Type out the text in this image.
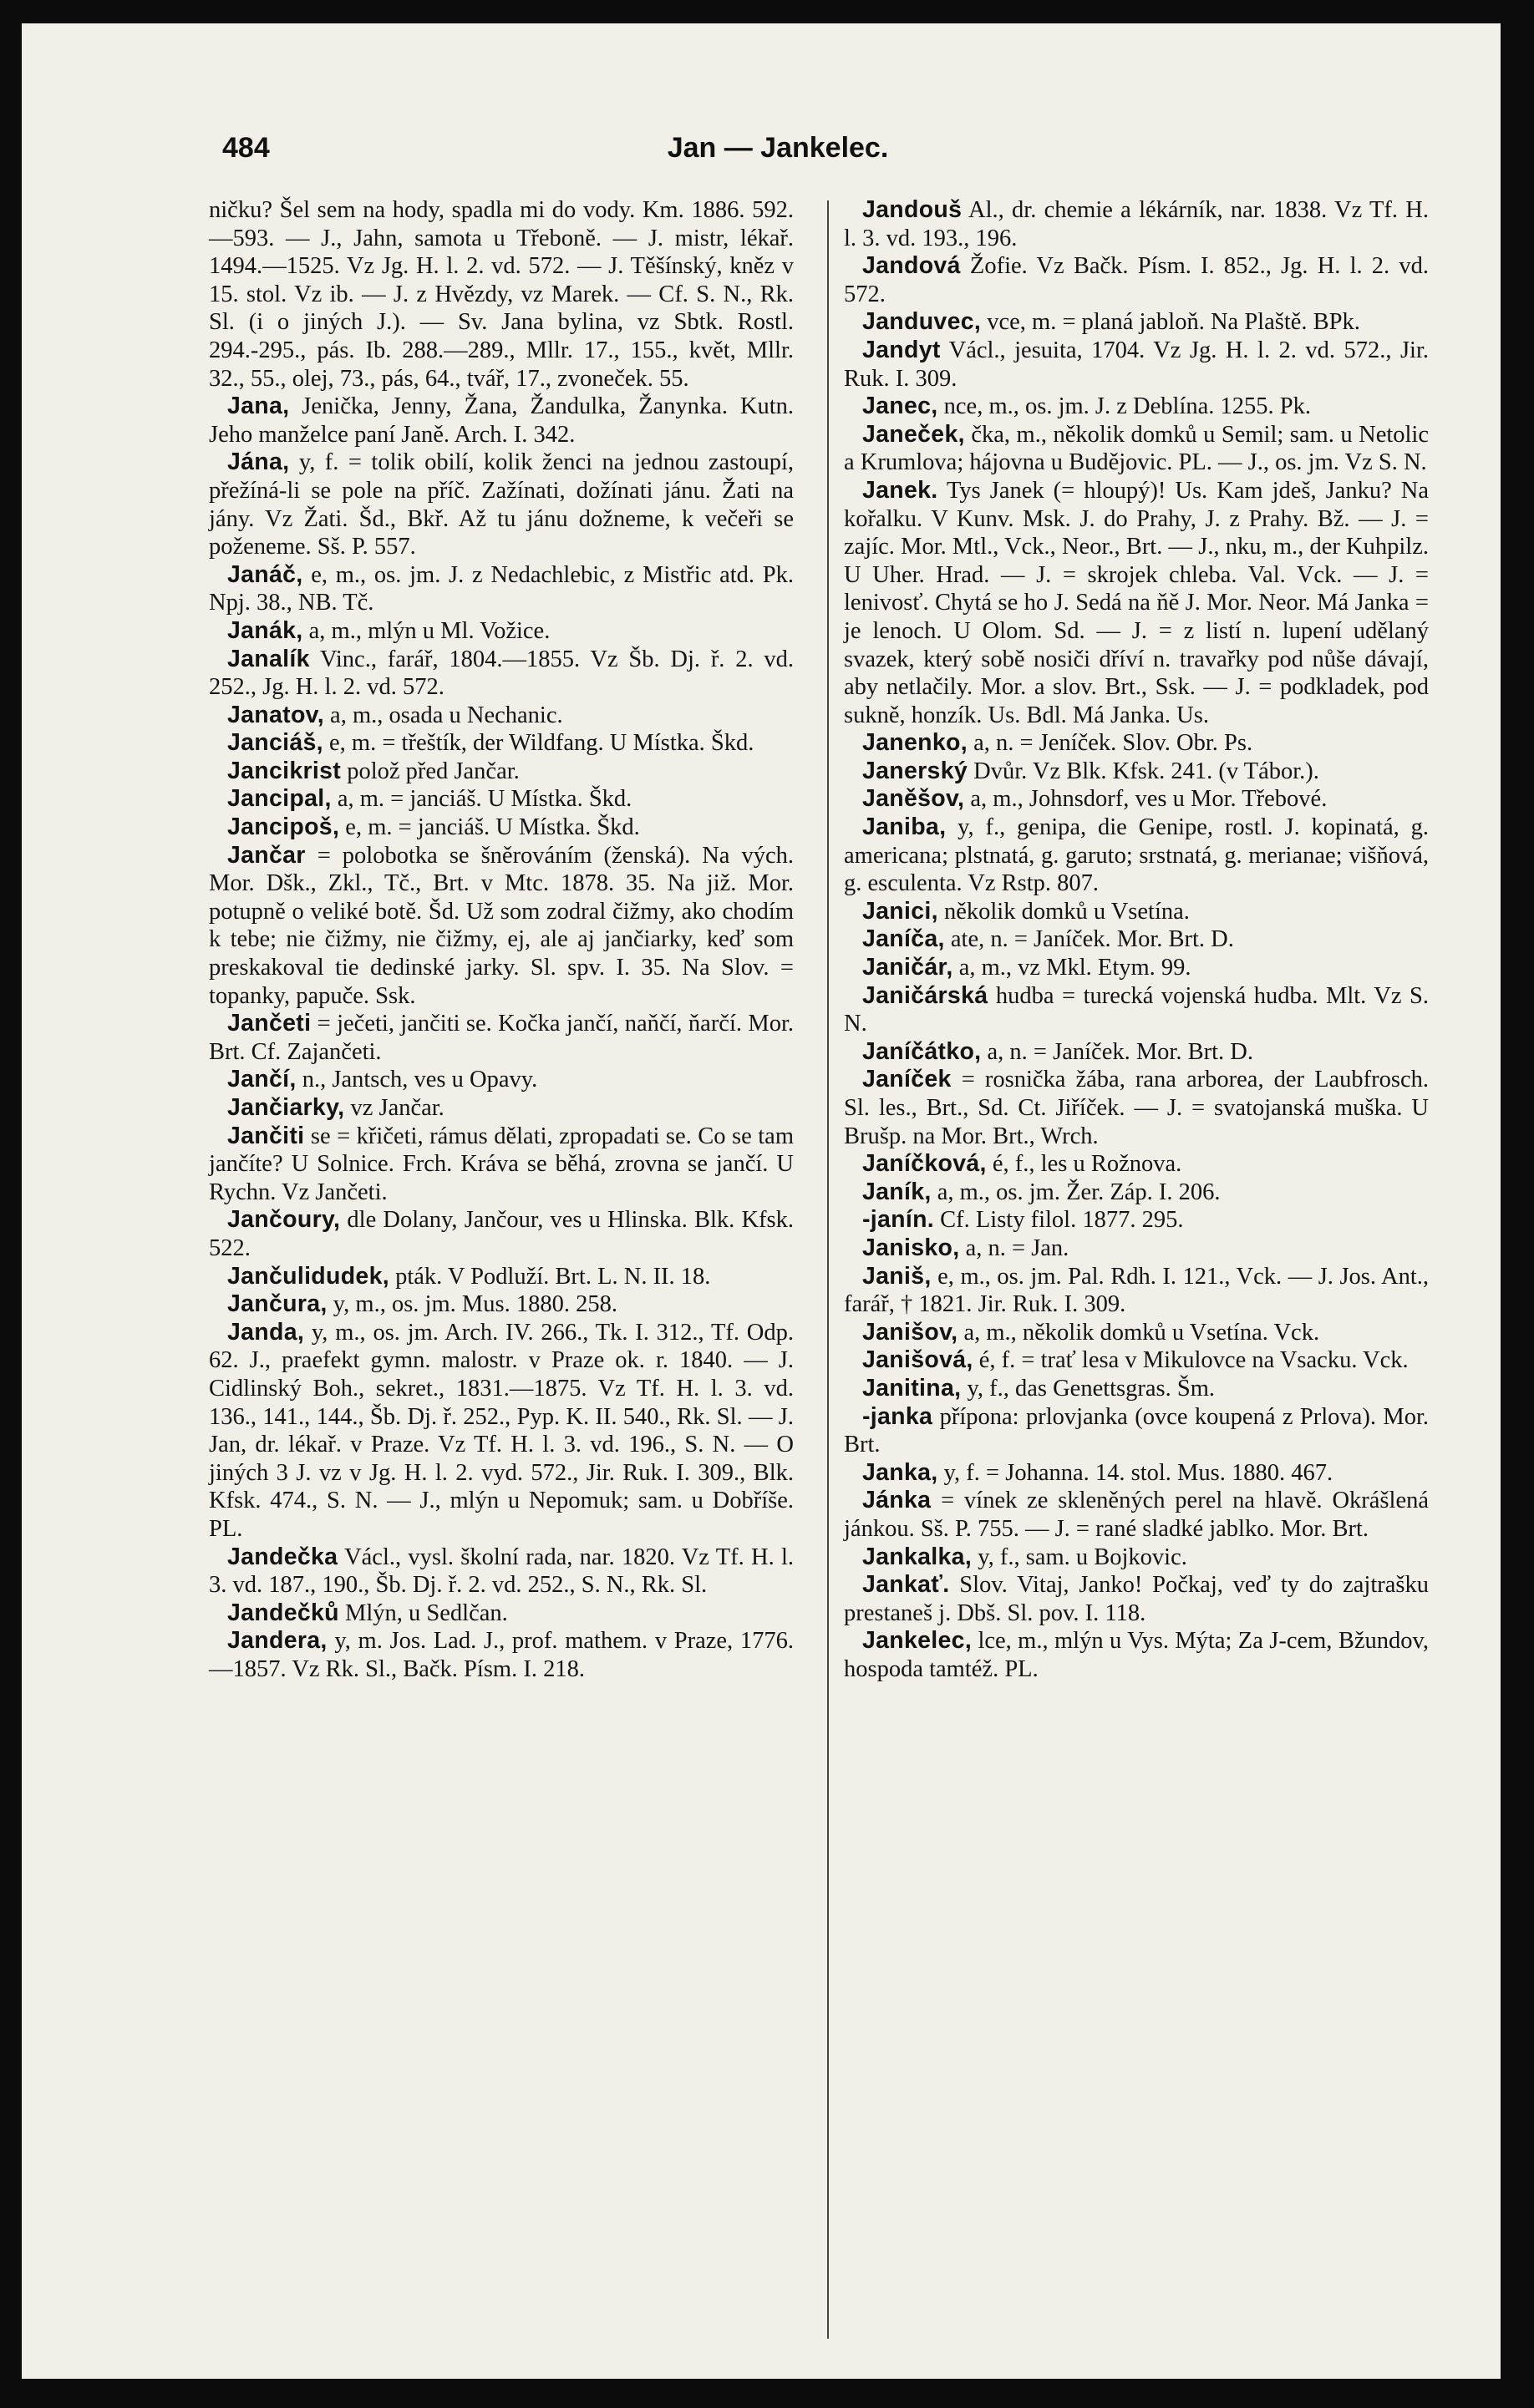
484	Jan — Jankelec.

ničku? Šel sem na hody, spadla mi do vody. Km. 1886. 592.—593. — J., Jahn, samota u Třeboně. — J. mistr, lékař. 1494.—1525. Vz Jg. H. l. 2. vd. 572. — J. Těšínský, kněz v 15. stol. Vz ib. — J. z Hvězdy, vz Marek. — Cf. S. N., Rk. Sl. (i o jiných J.). — Sv. Jana bylina, vz Sbtk. Rostl. 294.-295., pás. Ib. 288.—289., Mllr. 17., 155., květ, Mllr. 32., 55., olej, 73., pás, 64., tvář, 17., zvoneček. 55.

Jana, Jenička, Jenny, Žana, Žandulka, Žanynka. Kutn. Jeho manželce paní Janě. Arch. I. 342.

Jána, y, f. = tolik obilí, kolik ženci na jednou zastoupí, přežíná-li se pole na příč. Zažínati, dožínati jánu. Žati na jány. Vz Žati. Šd., Bkř. Až tu jánu dožneme, k večeři se poženeme. Sš. P. 557.

Janáč, e, m., os. jm. J. z Nedachlebic, z Mistřic atd. Pk. Npj. 38., NB. Tč.

Janák, a, m., mlýn u Ml. Vožice.

Janalík Vinc., farář, 1804.—1855. Vz Šb. Dj. ř. 2. vd. 252., Jg. H. l. 2. vd. 572.

Janatov, a, m., osada u Nechanic.

Janciáš, e, m. = třeštík, der Wildfang. U Místka. Škd.

Jancikrist polož před Jančar.

Jancipal, a, m. = janciáš. U Místka. Škd.

Jancipoš, e, m. = janciáš. U Místka. Škd.

Jančar = polobotka se šněrováním (ženská). Na vých. Mor. Dšk., Zkl., Tč., Brt. v Mtc. 1878. 35. Na již. Mor. potupně o veliké botě. Šd. Už som zodral čižmy, ako chodím k tebe; nie čižmy, nie čižmy, ej, ale aj jančiarky, keď som preskakoval tie dedinské jarky. Sl. spv. I. 35. Na Slov. = topanky, papuče. Ssk.

Jančeti = ječeti, jančiti se. Kočka jančí, naňčí, ňarčí. Mor. Brt. Cf. Zajančeti.

Jančí, n., Jantsch, ves u Opavy.

Jančiarky, vz Jančar.

Jančiti se = křičeti, rámus dělati, zpropadati se. Co se tam jančíte? U Solnice. Frch. Kráva se běhá, zrovna se jančí. U Rychn. Vz Jančeti.

Jančoury, dle Dolany, Jančour, ves u Hlinska. Blk. Kfsk. 522.

Jančulidudek, pták. V Podluží. Brt. L. N. II. 18.

Jančura, y, m., os. jm. Mus. 1880. 258.

Janda, y, m., os. jm. Arch. IV. 266., Tk. I. 312., Tf. Odp. 62. J., praefekt gymn. malostr. v Praze ok. r. 1840. — J. Cidlinský Boh., sekret., 1831.—1875. Vz Tf. H. l. 3. vd. 136., 141., 144., Šb. Dj. ř. 252., Pyp. K. II. 540., Rk. Sl. — J. Jan, dr. lékař. v Praze. Vz Tf. H. l. 3. vd. 196., S. N. — O jiných 3 J. vz v Jg. H. l. 2. vyd. 572., Jir. Ruk. I. 309., Blk. Kfsk. 474., S. N. — J., mlýn u Nepomuk; sam. u Dobříše. PL.

Jandečka Václ., vysl. školní rada, nar. 1820. Vz Tf. H. l. 3. vd. 187., 190., Šb. Dj. ř. 2. vd. 252., S. N., Rk. Sl.

Jandečků Mlýn, u Sedlčan.

Jandera, y, m. Jos. Lad. J., prof. mathem. v Praze, 1776.—1857. Vz Rk. Sl., Bačk. Písm. I. 218.

Jandouš Al., dr. chemie a lékárník, nar. 1838. Vz Tf. H. l. 3. vd. 193., 196.

Jandová Žofie. Vz Bačk. Písm. I. 852., Jg. H. l. 2. vd. 572.

Janduvec, vce, m. = planá jabloň. Na Plaště. BPk.

Jandyt Václ., jesuita, 1704. Vz Jg. H. l. 2. vd. 572., Jir. Ruk. I. 309.

Janec, nce, m., os. jm. J. z Deblína. 1255. Pk.

Janeček, čka, m., několik domků u Semil; sam. u Netolic a Krumlova; hájovna u Budějovic. PL. — J., os. jm. Vz S. N.

Janek. Tys Janek (= hloupý)! Us. Kam jdeš, Janku? Na kořalku. V Kunv. Msk. J. do Prahy, J. z Prahy. Bž. — J. = zajíc. Mor. Mtl., Vck., Neor., Brt. — J., nku, m., der Kuhpilz. U Uher. Hrad. — J. = skrojek chleba. Val. Vck. — J. = lenivosť. Chytá se ho J. Sedá na ňě J. Mor. Neor. Má Janka = je lenoch. U Olom. Sd. — J. = z listí n. lupení udělaný svazek, který sobě nosiči dříví n. travařky pod nůše dávají, aby netlačily. Mor. a slov. Brt., Ssk. — J. = podkladek, pod sukně, honzík. Us. Bdl. Má Janka. Us.

Janenko, a, n. = Jeníček. Slov. Obr. Ps.

Janerský Dvůr. Vz Blk. Kfsk. 241. (v Tábor.).

Janěšov, a, m., Johnsdorf, ves u Mor. Třebové.

Janiba, y, f., genipa, die Genipe, rostl. J. kopinatá, g. americana; plstnatá, g. garuto; srstnatá, g. merianae; višňová, g. esculenta. Vz Rstp. 807.

Janici, několik domků u Vsetína.

Janíča, ate, n. = Janíček. Mor. Brt. D.

Janičár, a, m., vz Mkl. Etym. 99.

Janičárská hudba = turecká vojenská hudba. Mlt. Vz S. N.

Janíčátko, a, n. = Janíček. Mor. Brt. D.

Janíček = rosnička žába, rana arborea, der Laubfrosch. Sl. les., Brt., Sd. Ct. Jiříček. — J. = svatojanská muška. U Brušp. na Mor. Brt., Wrch.

Janíčková, é, f., les u Rožnova.

Janík, a, m., os. jm. Žer. Záp. I. 206.

-janín. Cf. Listy filol. 1877. 295.

Janisko, a, n. = Jan.

Janiš, e, m., os. jm. Pal. Rdh. I. 121., Vck. — J. Jos. Ant., farář, † 1821. Jir. Ruk. I. 309.

Janišov, a, m., několik domků u Vsetína. Vck.

Janišová, é, f. = trať lesa v Mikulovce na Vsacku. Vck.

Janitina, y, f., das Genettsgras. Šm.

-janka přípona: prlovjanka (ovce koupená z Prlova). Mor. Brt.

Janka, y, f. = Johanna. 14. stol. Mus. 1880. 467.

Jánka = vínek ze skleněných perel na hlavě. Okrášlená jánkou. Sš. P. 755. — J. = rané sladké jablko. Mor. Brt.

Jankalka, y, f., sam. u Bojkovic.

Jankať. Slov. Vitaj, Janko! Počkaj, veď ty do zajtrašku prestaneš j. Dbš. Sl. pov. I. 118.

Jankelec, lce, m., mlýn u Vys. Mýta; Za J-cem, Bžundov, hospoda tamtéž. PL.
